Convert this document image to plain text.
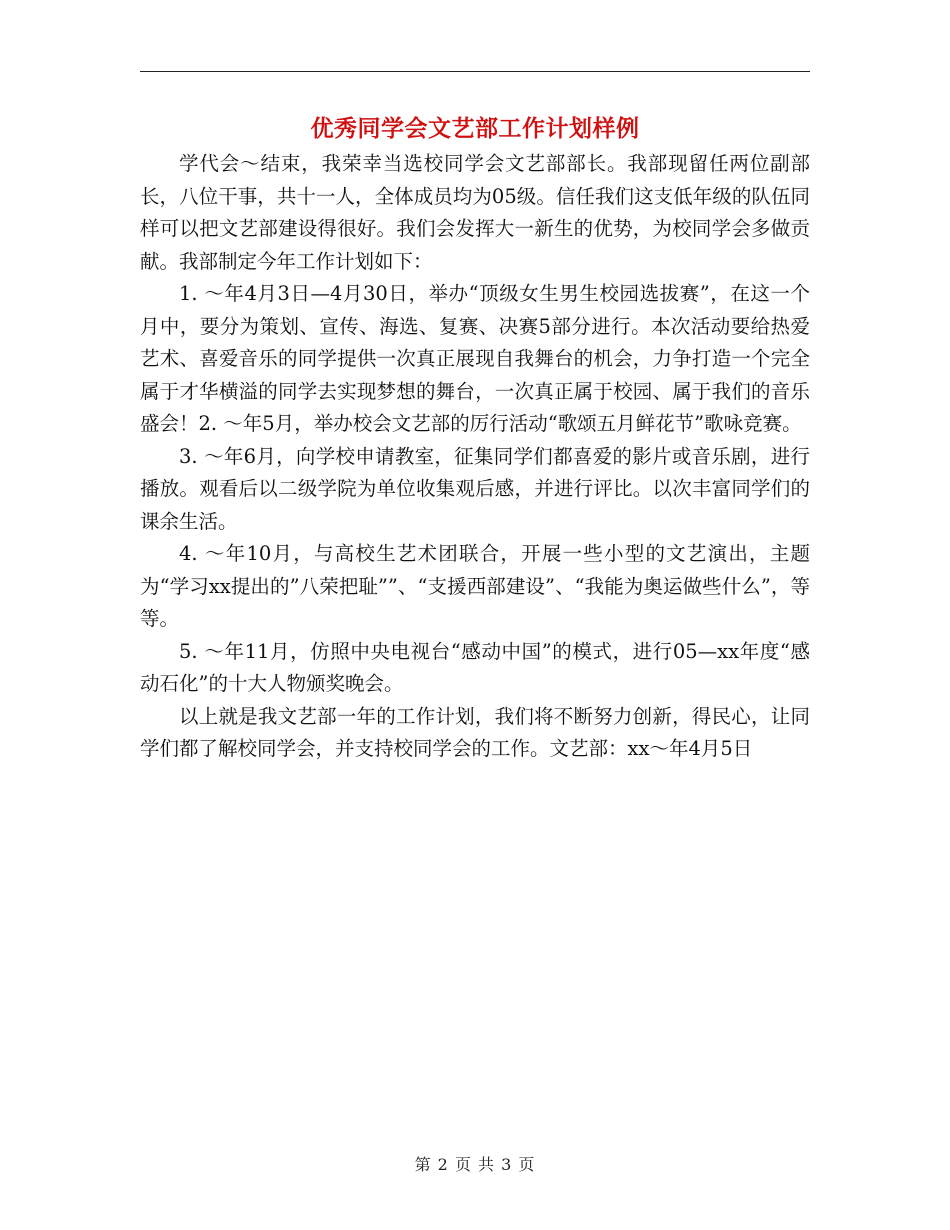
优秀同学会文艺部工作计划样例

学代会～结束，我荣幸当选校同学会文艺部部长。我部现留任两位副部长，八位干事，共十一人，全体成员均为05级。信任我们这支低年级的队伍同样可以把文艺部建设得很好。我们会发挥大一新生的优势，为校同学会多做贡献。我部制定今年工作计划如下：

1. ～年4月3日—4月30日，举办“顶级女生男生校园选拔赛”，在这一个月中，要分为策划、宣传、海选、复赛、决赛5部分进行。本次活动要给热爱艺术、喜爱音乐的同学提供一次真正展现自我舞台的机会，力争打造一个完全属于才华横溢的同学去实现梦想的舞台，一次真正属于校园、属于我们的音乐盛会！2. ～年5月，举办校会文艺部的厉行活动“歌颂五月鲜花节”歌咏竞赛。

3. ～年6月，向学校申请教室，征集同学们都喜爱的影片或音乐剧，进行播放。观看后以二级学院为单位收集观后感，并进行评比。以次丰富同学们的课余生活。

4. ～年10月，与高校生艺术团联合，开展一些小型的文艺演出，主题为“学习xx提出的”八荣把耻””、“支援西部建设”、“我能为奥运做些什么”，等等。

5. ～年11月，仿照中央电视台“感动中国”的模式，进行05—xx年度“感动石化”的十大人物颁奖晚会。

以上就是我文艺部一年的工作计划，我们将不断努力创新，得民心，让同学们都了解校同学会，并支持校同学会的工作。文艺部：xx～年4月5日

第 2 页 共 3 页
